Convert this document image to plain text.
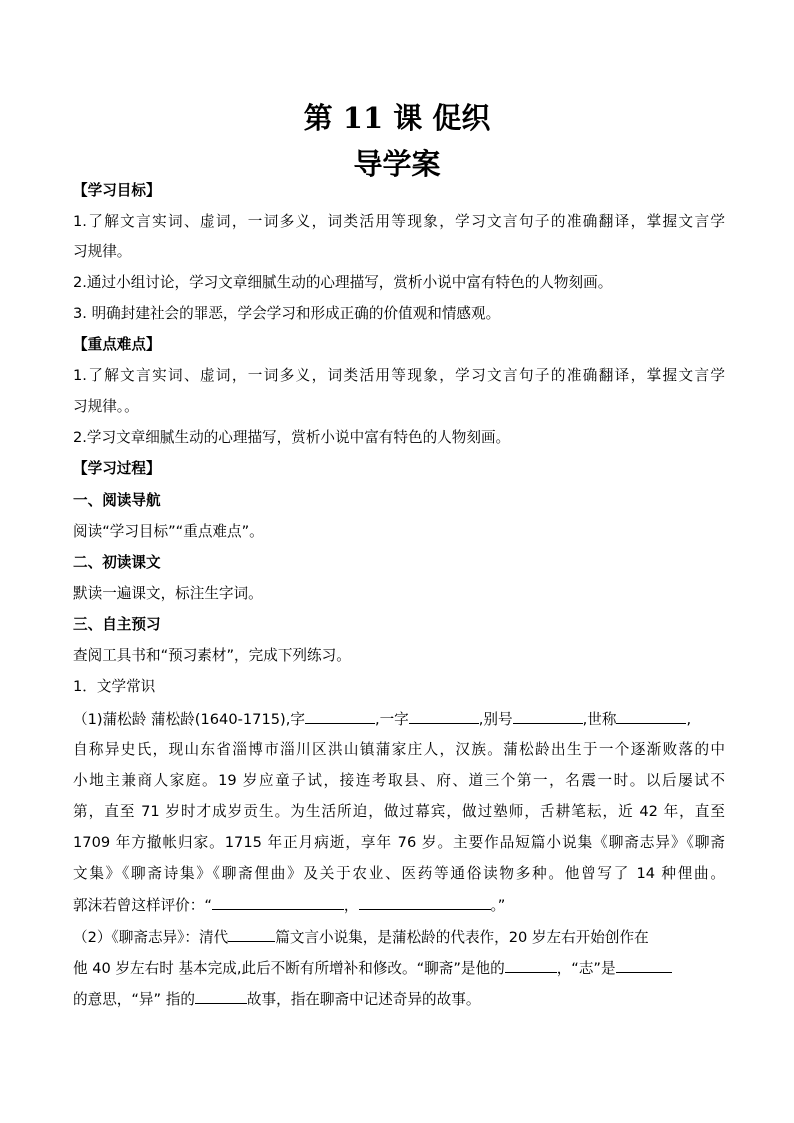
第 11 课 促织
导学案
【学习目标】
1.了解文言实词、虚词，一词多义，词类活用等现象，学习文言句子的准确翻译，掌握文言学
习规律。
2.通过小组讨论，学习文章细腻生动的心理描写，赏析小说中富有特色的人物刻画。
3. 明确封建社会的罪恶，学会学习和形成正确的价值观和情感观。
【重点难点】
1.了解文言实词、虚词，一词多义，词类活用等现象，学习文言句子的准确翻译，掌握文言学
习规律。。
2.学习文章细腻生动的心理描写，赏析小说中富有特色的人物刻画。
【学习过程】
一、阅读导航
阅读“学习目标”“重点难点”。
二、初读课文
默读一遍课文，标注生字词。
三、自主预习
查阅工具书和“预习素材”，完成下列练习。
1．文学常识
（1)蒲松龄 蒲松龄(1640-1715),字	,一字	,别号	,世称	,
自称异史氏，现山东省淄博市淄川区洪山镇蒲家庄人，汉族。蒲松龄出生于一个逐渐败落的中
小地主兼商人家庭。19 岁应童子试，接连考取县、府、道三个第一，名震一时。以后屡试不
第，直至 71 岁时才成岁贡生。为生活所迫，做过幕宾，做过塾师，舌耕笔耘，近 42 年，直至
1709 年方撤帐归家。1715 年正月病逝，享年 76 岁。主要作品短篇小说集《聊斋志异》《聊斋
文集》《聊斋诗集》《聊斋俚曲》及关于农业、医药等通俗读物多种。他曾写了 14 种俚曲。
郭沫若曾这样评价：“	，	。”
（2）《聊斋志异》：清代	篇文言小说集，是蒲松龄的代表作，20 岁左右开始创作在
他 40 岁左右时 基本完成,此后不断有所增补和修改。“聊斋”是他的	，“志”是
的意思，“异” 指的	故事，指在聊斋中记述奇异的故事。
